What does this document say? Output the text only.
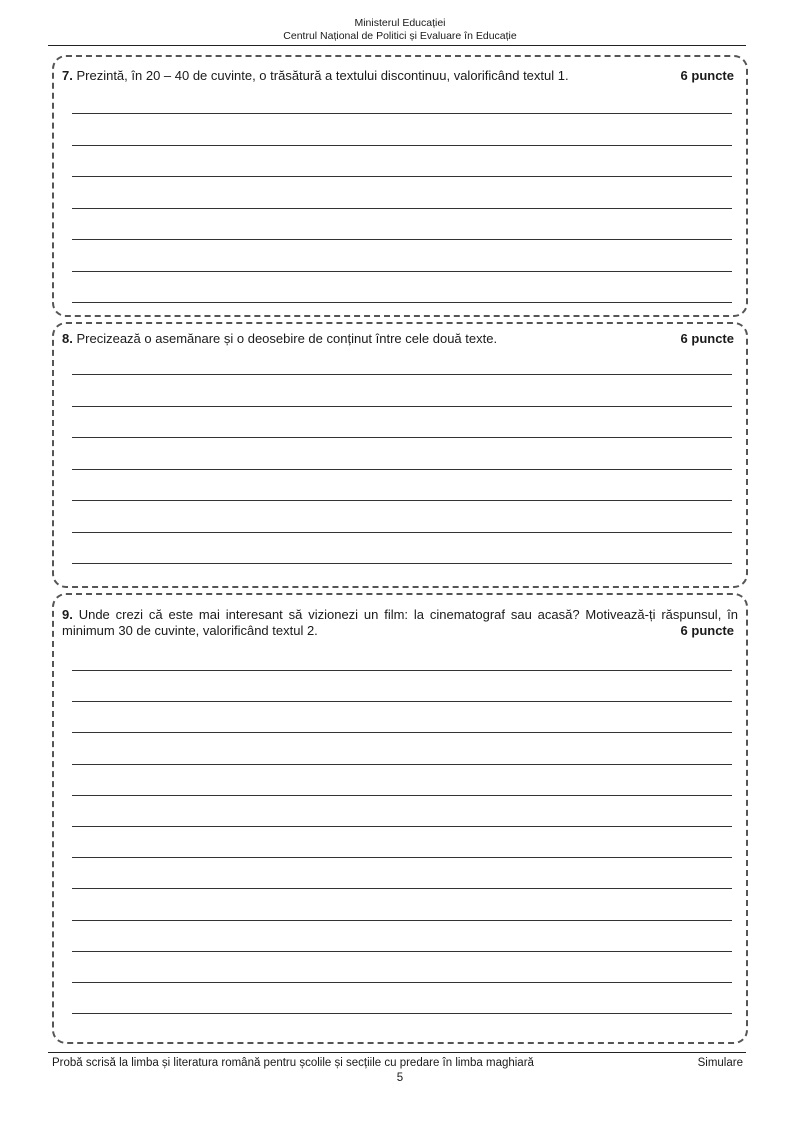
Ministerul Educației
Centrul Național de Politici și Evaluare în Educație
7. Prezintă, în 20 – 40 de cuvinte, o trăsătură a textului discontinuu, valorificând textul 1.	6 puncte
8. Precizează o asemănare și o deosebire de conținut între cele două texte.	6 puncte
9. Unde crezi că este mai interesant să vizionezi un film: la cinematograf sau acasă? Motivează-ți răspunsul, în minimum 30 de cuvinte, valorificând textul 2.	6 puncte
Probă scrisă la limba și literatura română pentru școlile și secțiile cu predare în limba maghiară	Simulare
5
